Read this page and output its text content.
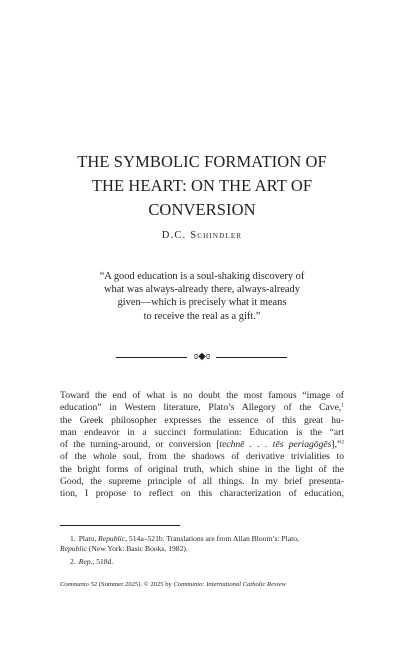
THE SYMBOLIC FORMATION OF
THE HEART: ON THE ART OF
CONVERSION
D.C. Schindler
“A good education is a soul-shaking discovery of
what was always-already there, always-already
given—which is precisely what it means
to receive the real as a gift.”
ɞ◆ɞ
Toward the end of what is no doubt the most famous “image of
education” in Western literature, Plato’s Allegory of the Cave,$^1$
the Greek philosopher expresses the essence of this great hu-
man endeavor in a succinct formulation: Education is the “art
of the turning-around, or conversion [technē . . . tēs periagōgēs],”$^2$
of the whole soul, from the shadows of derivative trivialities to
the bright forms of original truth, which shine in the light of the
Good, the supreme principle of all things. In my brief presenta-
tion, I propose to reflect on this characterization of education,
1. Plato, Republic, 514a–521b. Translations are from Allan Bloom’s: Plato,
Republic (New York: Basic Books, 1982).
2. Rep., 518d.
Communio 52 (Summer 2025). © 2025 by Communio: International Catholic Review
